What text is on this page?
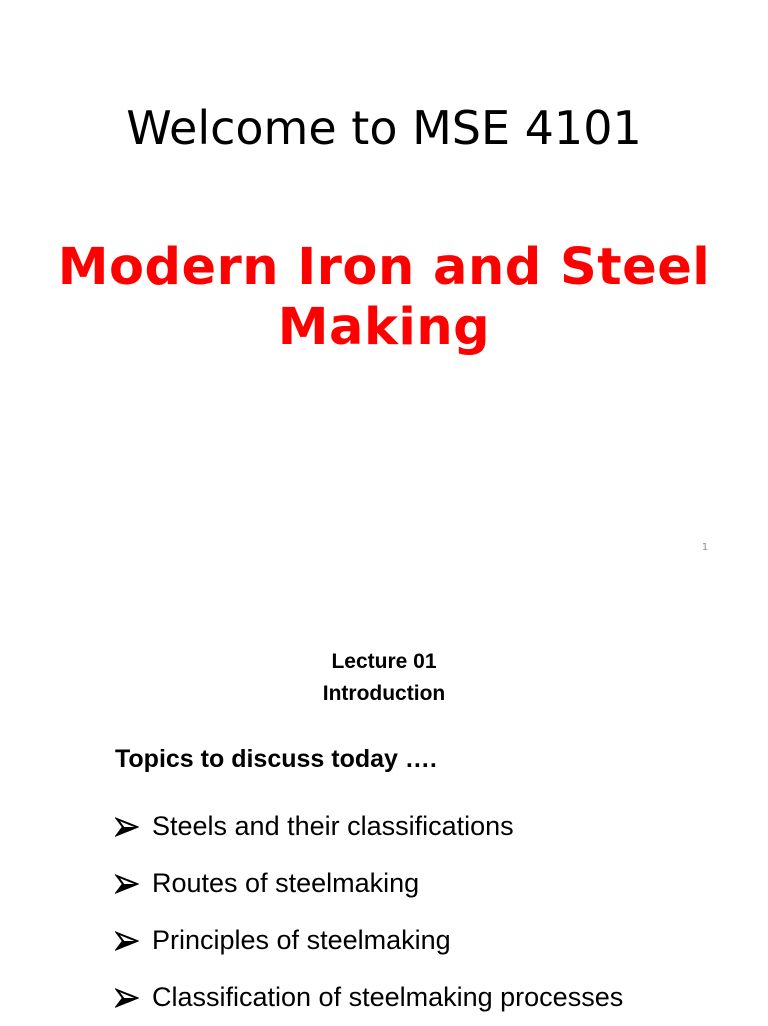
Welcome to MSE 4101
Modern Iron and Steel
Making
1
Lecture 01
Introduction
Topics to discuss today ….
Steels and their classifications
Routes of steelmaking
Principles of steelmaking
Classification of steelmaking processes
